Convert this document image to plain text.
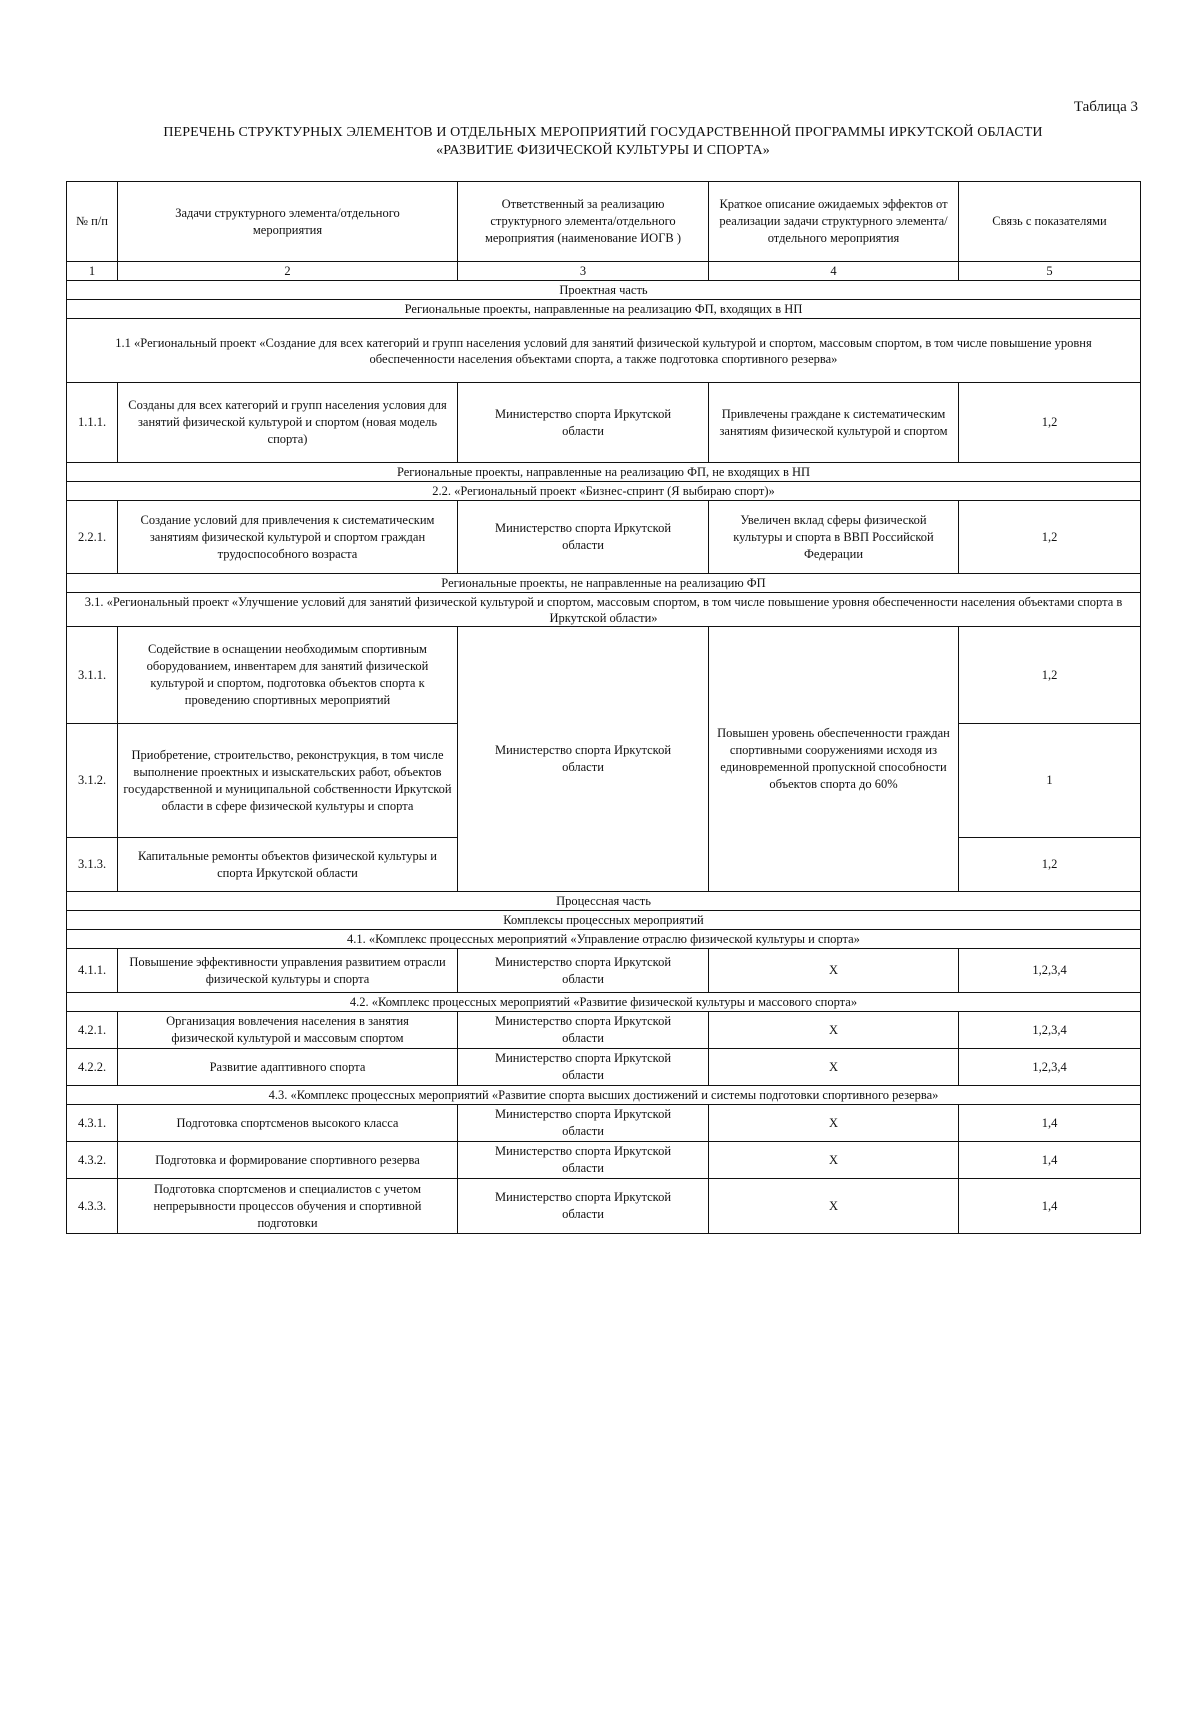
Таблица 3
ПЕРЕЧЕНЬ СТРУКТУРНЫХ ЭЛЕМЕНТОВ И ОТДЕЛЬНЫХ МЕРОПРИЯТИЙ ГОСУДАРСТВЕННОЙ ПРОГРАММЫ ИРКУТСКОЙ ОБЛАСТИ
«РАЗВИТИЕ ФИЗИЧЕСКОЙ КУЛЬТУРЫ И СПОРТА»
№ п/п	Задачи структурного элемента/отдельного мероприятия	Ответственный за реализацию структурного элемента/отдельного мероприятия (наименование ИОГВ )	Краткое описание ожидаемых эффектов от реализации задачи структурного элемента/отдельного мероприятия	Связь с показателями
1	2	3	4	5
Проектная часть				
Региональные проекты, направленные на реализацию ФП, входящих в НП				
1.1 «Региональный проект «Создание для всех категорий и групп населения условий для занятий физической культурой и спортом, массовым спортом, в том числе повышение уровня обеспеченности населения объектами спорта, а также подготовка спортивного резерва»				
1.1.1.	Созданы для всех категорий и групп населения условия для занятий физической культурой и спортом (новая модель спорта)	Министерство спорта Иркутской области	Привлечены граждане к систематическим занятиям физической культурой и спортом	1,2
Региональные проекты, направленные на реализацию ФП, не входящих в НП				
2.2. «Региональный проект «Бизнес-спринт (Я выбираю спорт)»				
2.2.1.	Создание условий для привлечения к систематическим занятиям физической культурой и спортом граждан трудоспособного возраста	Министерство спорта Иркутской области	Увеличен вклад сферы физической культуры и спорта в ВВП Российской Федерации	1,2
Региональные проекты, не направленные на реализацию ФП				
3.1. «Региональный проект «Улучшение условий для занятий физической культурой и спортом, массовым спортом, в том числе повышение уровня обеспеченности населения объектами спорта в Иркутской области»				
3.1.1.	Содействие в оснащении необходимым спортивным оборудованием, инвентарем для занятий физической культурой и спортом, подготовка объектов спорта к проведению спортивных мероприятий	Министерство спорта Иркутской области	Повышен уровень обеспеченности граждан спортивными сооружениями исходя из единовременной пропускной способности объектов спорта до 60%	1,2
3.1.2.	Приобретение, строительство, реконструкция, в том числе выполнение проектных и изыскательских работ, объектов государственной и муниципальной собственности Иркутской области в сфере физической культуры и спорта			1
3.1.3.	Капитальные ремонты объектов физической культуры и спорта Иркутской области			1,2
Процессная часть				
Комплексы процессных мероприятий				
4.1. «Комплекс процессных мероприятий «Управление отраслю физической культуры и спорта»				
4.1.1.	Повышение эффективности управления развитием отрасли физической культуры и спорта	Министерство спорта Иркутской области	Х	1,2,3,4
4.2. «Комплекс процессных мероприятий «Развитие физической культуры и массового спорта»				
4.2.1.	Организация вовлечения населения в занятия физической культурой и массовым спортом	Министерство спорта Иркутской области	Х	1,2,3,4
4.2.2.	Развитие адаптивного спорта	Министерство спорта Иркутской области	Х	1,2,3,4
4.3. «Комплекс процессных мероприятий «Развитие спорта высших достижений и системы подготовки спортивного резерва»				
4.3.1.	Подготовка спортсменов высокого класса	Министерство спорта Иркутской области	Х	1,4
4.3.2.	Подготовка и формирование спортивного резерва	Министерство спорта Иркутской области	Х	1,4
4.3.3.	Подготовка спортсменов и специалистов с учетом непрерывности процессов обучения и спортивной подготовки	Министерство спорта Иркутской области	Х	1,4
